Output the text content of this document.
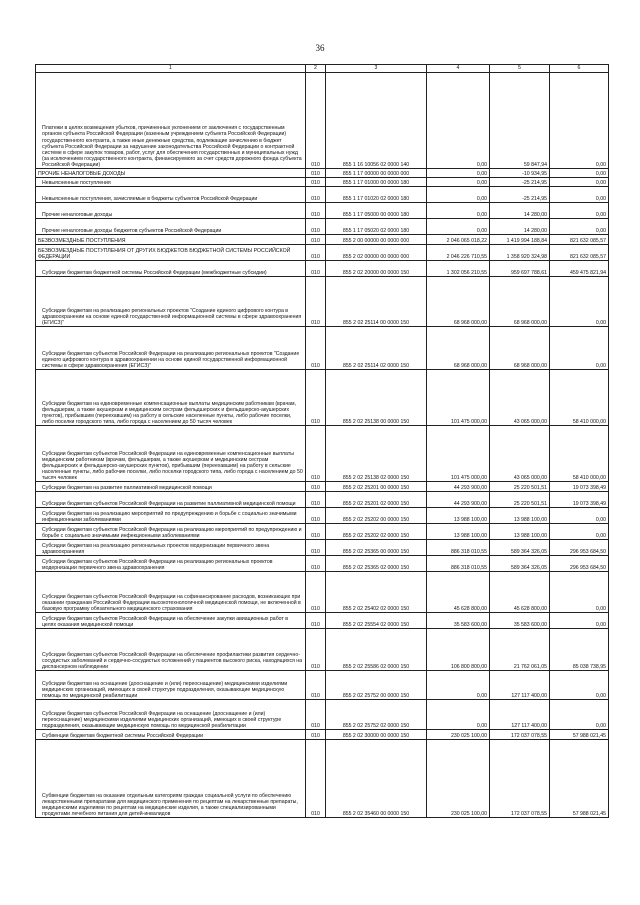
36
1	2	3	4	5	6
Платежи в целях возмещения убытков, причиненных уклонением от заключения с государственным органом субъекта Российской Федерации (казенным учреждением субъекта Российской Федерации) государственного контракта, а также иные денежные средства, подлежащие зачислению в бюджет субъекта Российской Федерации за нарушение законодательства Российской Федерации о контрактной системе в сфере закупок товаров, работ, услуг для обеспечения государственных и муниципальных нужд (за исключением государственного контракта, финансируемого за счет средств дорожного фонда субъекта Российской Федерации)	010	855 1 16 10056 02 0000 140	0,00	59 847,94	0,00
ПРОЧИЕ НЕНАЛОГОВЫЕ ДОХОДЫ	010	855 1 17 00000 00 0000 000	0,00	-10 934,95	0,00
Невыясненные поступления	010	855 1 17 01000 00 0000 180	0,00	-25 214,95	0,00
Невыясненные поступления, зачисляемые в бюджеты субъектов Российской Федерации	010	855 1 17 01020 02 0000 180	0,00	-25 214,95	0,00
Прочие неналоговые доходы	010	855 1 17 05000 00 0000 180	0,00	14 280,00	0,00
Прочие неналоговые доходы бюджетов субъектов Российской Федерации	010	855 1 17 05020 02 0000 180	0,00	14 280,00	0,00
БЕЗВОЗМЕЗДНЫЕ ПОСТУПЛЕНИЯ	010	855 2 00 00000 00 0000 000	2 046 065 018,22	1 419 994 188,84	821 632 085,57
БЕЗВОЗМЕЗДНЫЕ ПОСТУПЛЕНИЯ ОТ ДРУГИХ БЮДЖЕТОВ БЮДЖЕТНОЙ СИСТЕМЫ РОССИЙСКОЙ ФЕДЕРАЦИИ	010	855 2 02 00000 00 0000 000	2 046 226 710,55	1 358 920 324,98	821 632 085,57
Субсидии бюджетам бюджетной системы Российской Федерации (межбюджетные субсидии)	010	855 2 02 20000 00 0000 150	1 302 056 210,55	959 697 788,61	459 475 821,94
Субсидии бюджетам на реализацию региональных проектов "Создание единого цифрового контура в здравоохранении на основе единой государственной информационной системы в сфере здравоохранения (ЕГИСЗ)"	010	855 2 02 25114 00 0000 150	68 968 000,00	68 968 000,00	0,00
Субсидии бюджетам субъектов Российской Федерации на реализацию региональных проектов "Создание единого цифрового контура в здравоохранении на основе единой государственной информационной системы в сфере здравоохранения (ЕГИСЗ)"	010	855 2 02 25114 02 0000 150	68 968 000,00	68 968 000,00	0,00
Субсидии бюджетам на единовременные компенсационные выплаты медицинским работникам (врачам, фельдшерам, а также акушеркам и медицинским сестрам фельдшерских и фельдшерско-акушерских пунктов), прибывшим (переехавшим) на работу в сельские населенные пункты, либо рабочие поселки, либо поселки городского типа, либо города с населением до 50 тысяч человек	010	855 2 02 25138 00 0000 150	101 475 000,00	43 065 000,00	58 410 000,00
Субсидии бюджетам субъектов Российской Федерации на единовременные компенсационные выплаты медицинским работникам (врачам, фельдшерам, а также акушеркам и медицинским сестрам фельдшерских и фельдшерско-акушерских пунктов), прибывшим (переехавшим) на работу в сельские населенные пункты, либо рабочие поселки, либо поселки городского типа, либо города с населением до 50 тысяч человек	010	855 2 02 25138 02 0000 150	101 475 000,00	43 065 000,00	58 410 000,00
Субсидии бюджетам на развитие паллиативной медицинской помощи	010	855 2 02 25201 00 0000 150	44 293 900,00	25 220 501,51	19 073 398,49
Субсидии бюджетам субъектов Российской Федерации на развитие паллиативной медицинской помощи	010	855 2 02 25201 02 0000 150	44 293 900,00	25 220 501,51	19 073 398,49
Субсидии бюджетам на реализацию мероприятий по предупреждению и борьбе с социально значимыми инфекционными заболеваниями	010	855 2 02 25202 00 0000 150	13 988 100,00	13 988 100,00	0,00
Субсидии бюджетам субъектов Российской Федерации на реализацию мероприятий по предупреждению и борьбе с социально значимыми инфекционными заболеваниями	010	855 2 02 25202 02 0000 150	13 988 100,00	13 988 100,00	0,00
Субсидии бюджетам на реализацию региональных проектов модернизации первичного звена здравоохранения	010	855 2 02 25365 00 0000 150	886 318 010,55	589 364 326,05	296 953 684,50
Субсидии бюджетам субъектов Российской Федерации на реализацию региональных проектов модернизации первичного звена здравоохранения	010	855 2 02 25365 02 0000 150	886 318 010,55	589 364 326,05	296 953 684,50
Субсидии бюджетам субъектов Российской Федерации на софинансирование расходов, возникающих при оказании гражданам Российской Федерации высокотехнологичной медицинской помощи, не включенной в базовую программу обязательного медицинского страхования	010	855 2 02 25402 02 0000 150	45 628 800,00	45 628 800,00	0,00
Субсидии бюджетам субъектов Российской Федерации на обеспечение закупки авиационных работ в целях оказания медицинской помощи	010	855 2 02 25554 02 0000 150	35 583 600,00	35 583 600,00	0,00
Субсидии бюджетам субъектов Российской Федерации на обеспечение профилактики развития сердечно-сосудистых заболеваний и сердечно-сосудистых осложнений у пациентов высокого риска, находящихся на диспансерном наблюдении	010	855 2 02 25586 02 0000 150	106 800 800,00	21 762 061,05	85 038 738,95
Субсидии бюджетам на оснащение (дооснащение и (или) переоснащение) медицинскими изделиями медицинских организаций, имеющих в своей структуре подразделения, оказывающие медицинскую помощь по медицинской реабилитации	010	855 2 02 25752 00 0000 150	0,00	127 117 400,00	0,00
Субсидии бюджетам субъектов Российской Федерации на оснащение (дооснащение и (или) переоснащение) медицинскими изделиями медицинских организаций, имеющих в своей структуре подразделения, оказывающие медицинскую помощь по медицинской реабилитации	010	855 2 02 25752 02 0000 150	0,00	127 117 400,00	0,00
Субвенции бюджетам бюджетной системы Российской Федерации	010	855 2 02 30000 00 0000 150	230 025 100,00	172 037 078,55	57 988 021,45
Субвенции бюджетам на оказание отдельным категориям граждан социальной услуги по обеспечению лекарственными препаратами для медицинского применения по рецептам на лекарственные препараты, медицинскими изделиями по рецептам на медицинские изделия, а также специализированными продуктами лечебного питания для детей-инвалидов	010	855 2 02 35460 00 0000 150	230 025 100,00	172 037 078,55	57 988 021,45
